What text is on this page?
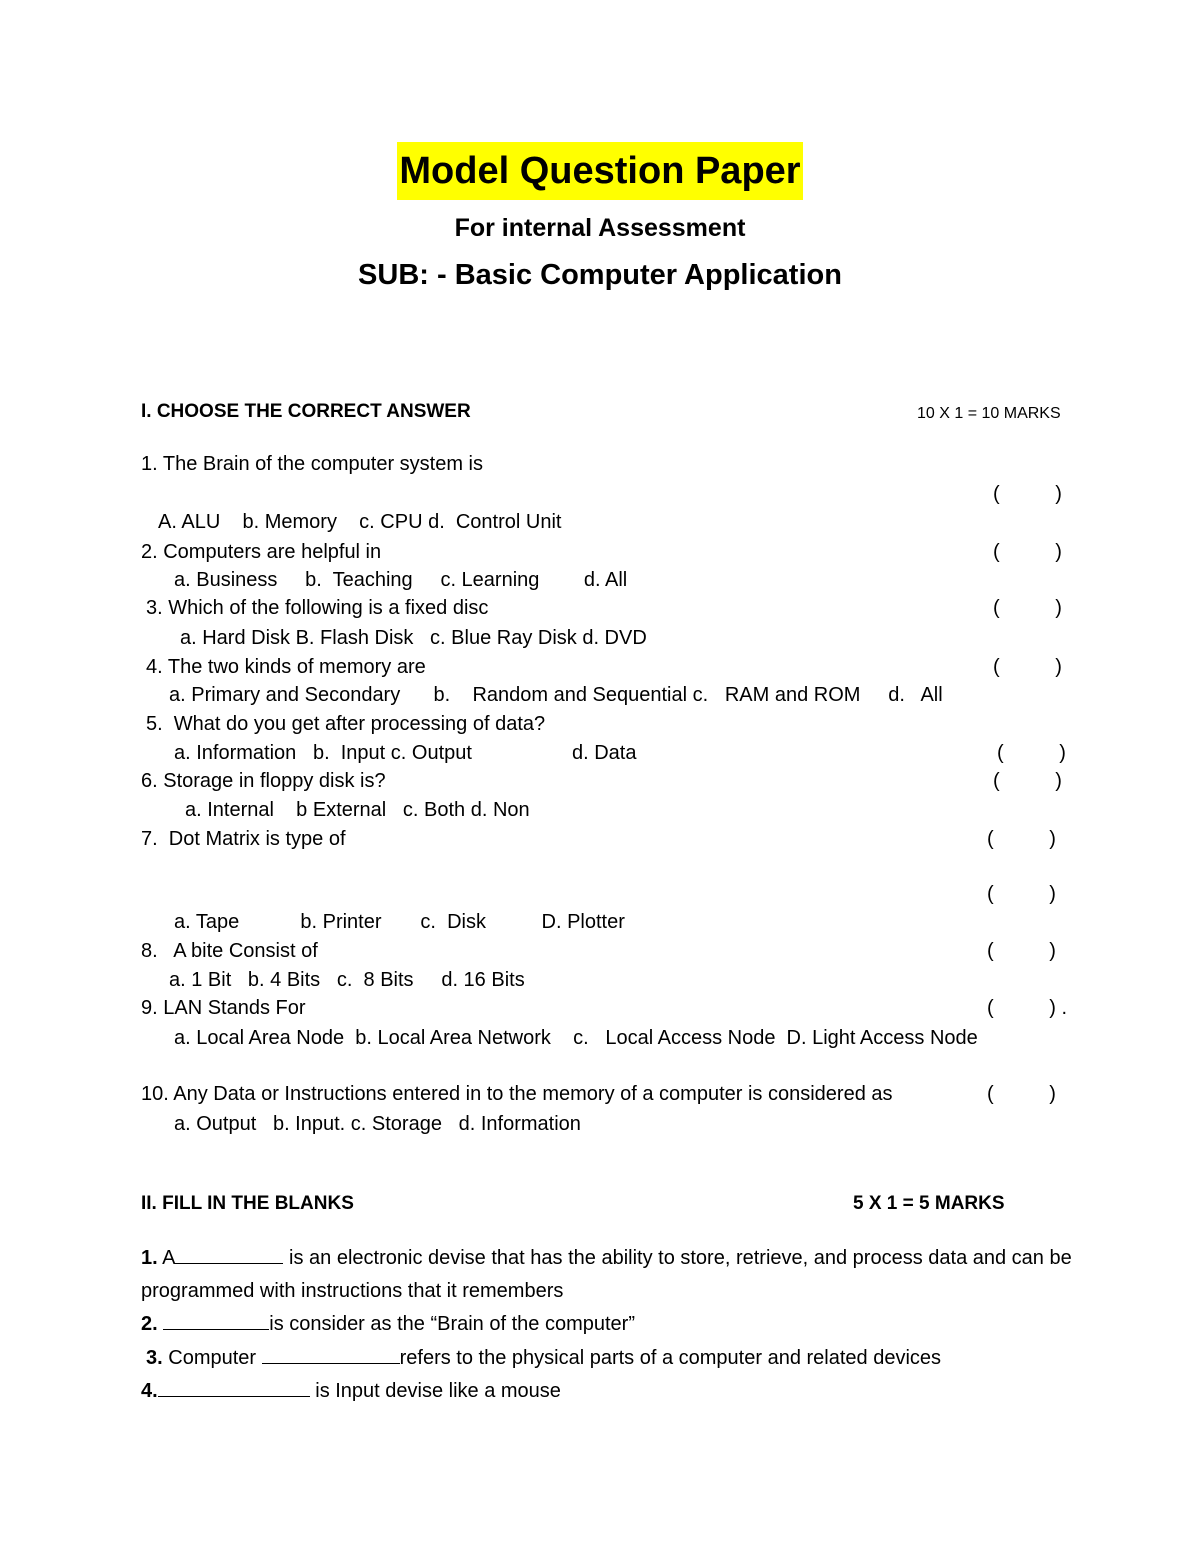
Model Question Paper
For internal Assessment
SUB: - Basic Computer Application
I. CHOOSE THE CORRECT ANSWER	10 X 1 = 10 MARKS
1. The Brain of the computer system is
(          )
A. ALU    b. Memory    c. CPU d.  Control Unit
2. Computers are helpful in	(          )
a. Business     b.  Teaching     c. Learning        d. All
3. Which of the following is a fixed disc	(          )
a. Hard Disk B. Flash Disk   c. Blue Ray Disk d. DVD
4. The two kinds of memory are	(          )
a. Primary and Secondary      b.    Random and Sequential c.   RAM and ROM     d.   All
5.  What do you get after processing of data?
a. Information   b.  Input c. Output                  d. Data	(          )
6. Storage in floppy disk is?	(          )
a. Internal    b External   c. Both d. Non
7.  Dot Matrix is type of	(          )
(          )
a. Tape           b. Printer       c.  Disk          D. Plotter
8.   A bite Consist of	(          )
a. 1 Bit   b. 4 Bits   c.  8 Bits     d. 16 Bits
9. LAN Stands For	(          ) .
a. Local Area Node  b. Local Area Network    c.   Local Access Node  D. Light Access Node
10. Any Data or Instructions entered in to the memory of a computer is considered as	(          )
a. Output   b. Input. c. Storage   d. Information
II. FILL IN THE BLANKS	5 X 1 = 5 MARKS
1. A	is an electronic devise that has the ability to store, retrieve, and process data and can be programmed with instructions that it remembers
2.	is consider as the “Brain of the computer”
3. Computer	refers to the physical parts of a computer and related devices
4.	is Input devise like a mouse
